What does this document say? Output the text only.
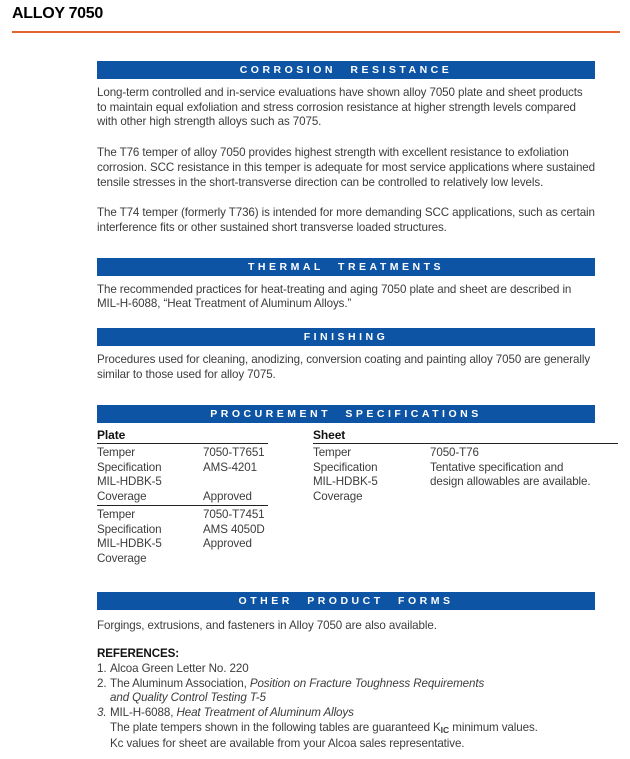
ALLOY 7050
CORROSION RESISTANCE

Long-term controlled and in-service evaluations have shown alloy 7050 plate and sheet products to maintain equal exfoliation and stress corrosion resistance at higher strength levels compared with other high strength alloys such as 7075.

The T76 temper of alloy 7050 provides highest strength with excellent resistance to exfoliation corrosion. SCC resistance in this temper is adequate for most service applications where sustained tensile stresses in the short-transverse direction can be controlled to relatively low levels.

The T74 temper (formerly T736) is intended for more demanding SCC applications, such as certain interference fits or other sustained short transverse loaded structures.

THERMAL TREATMENTS

The recommended practices for heat-treating and aging 7050 plate and sheet are described in MIL-H-6088, “Heat Treatment of Aluminum Alloys.”

FINISHING

Procedures used for cleaning, anodizing, conversion coating and painting alloy 7050 are generally similar to those used for alloy 7075.

PROCUREMENT SPECIFICATIONS
Plate
Temper	7050-T7651
Specification	AMS-4201
MIL-HDBK-5
Coverage	Approved
Temper	7050-T7451
Specification	AMS 4050D
MIL-HDBK-5	Approved
Coverage
Sheet
Temper	7050-T76
Specification	Tentative specification and
MIL-HDBK-5	design allowables are available.
Coverage
OTHER PRODUCT FORMS

Forgings, extrusions, and fasteners in Alloy 7050 are also available.

REFERENCES:
1. Alcoa Green Letter No. 220
2. The Aluminum Association, Position on Fracture Toughness Requirements
and Quality Control Testing T-5
3. MIL-H-6088, Heat Treatment of Aluminum Alloys
The plate tempers shown in the following tables are guaranteed KIC minimum values.
Kc values for sheet are available from your Alcoa sales representative.
